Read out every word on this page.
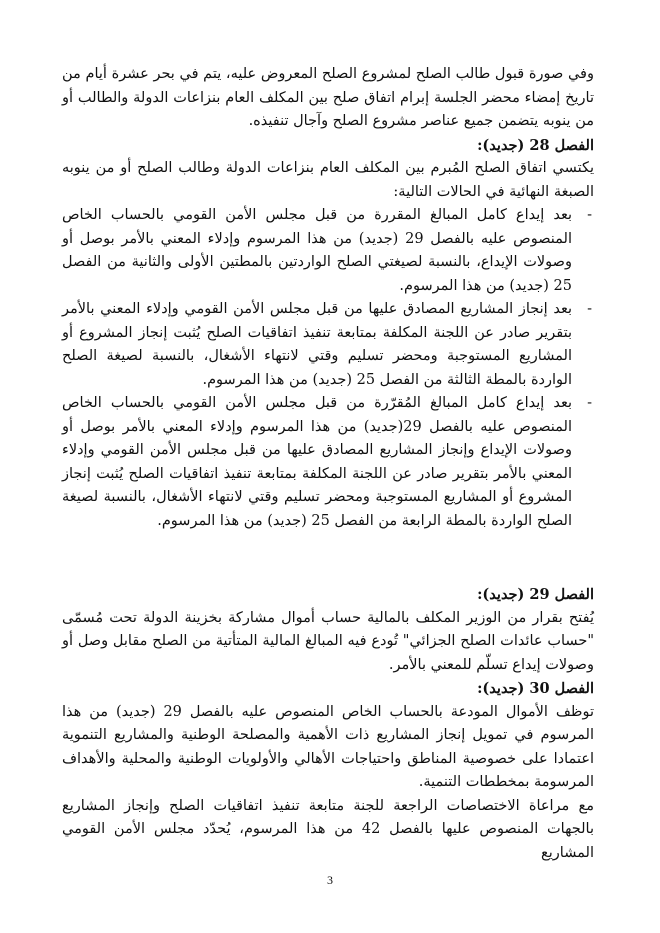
وفي صورة قبول طالب الصلح لمشروع الصلح المعروض عليه، يتم في بحر عشرة أيام من تاريخ إمضاء محضر الجلسة إبرام اتفاق صلح بين المكلف العام بنزاعات الدولة والطالب أو من ينوبه يتضمن جميع عناصر مشروع الصلح وآجال تنفيذه.

الفصل 28 (جديد):

يكتسي اتفاق الصلح المُبرم بين المكلف العام بنزاعات الدولة وطالب الصلح أو من ينوبه الصبغة النهائية في الحالات التالية:

-
بعد إيداع كامل المبالغ المقررة من قبل مجلس الأمن القومي بالحساب الخاص المنصوص عليه بالفصل 29 (جديد) من هذا المرسوم وإدلاء المعني بالأمر بوصل أو وصولات الإيداع، بالنسبة لصيغتي الصلح الواردتين بالمطتين الأولى والثانية من الفصل 25 (جديد) من هذا المرسوم.
-
بعد إنجاز المشاريع المصادق عليها من قبل مجلس الأمن القومي وإدلاء المعني بالأمر بتقرير صادر عن اللجنة المكلفة بمتابعة تنفيذ اتفاقيات الصلح يُثبت إنجاز المشروع أو المشاريع المستوجبة ومحضر تسليم وقتي لانتهاء الأشغال، بالنسبة لصيغة الصلح الواردة بالمطة الثالثة من الفصل 25 (جديد) من هذا المرسوم.
-
بعد إيداع كامل المبالغ المُقرّرة من قبل مجلس الأمن القومي بالحساب الخاص المنصوص عليه بالفصل 29(جديد) من هذا المرسوم وإدلاء المعني بالأمر بوصل أو وصولات الإيداع وإنجاز المشاريع المصادق عليها من قبل مجلس الأمن القومي وإدلاء المعني بالأمر بتقرير صادر عن اللجنة المكلفة بمتابعة تنفيذ اتفاقيات الصلح يُثبت إنجاز المشروع أو المشاريع المستوجبة ومحضر تسليم وقتي لانتهاء الأشغال، بالنسبة لصيغة الصلح الواردة بالمطة الرابعة من الفصل 25 (جديد) من هذا المرسوم.

الفصل 29 (جديد):

يُفتح بقرار من الوزير المكلف بالمالية حساب أموال مشاركة بخزينة الدولة تحت مُسمّى "حساب عائدات الصلح الجزائي" تُودع فيه المبالغ المالية المتأتية من الصلح مقابل وصل أو وصولات إيداع تسلّم للمعني بالأمر.

الفصل 30 (جديد):

توظف الأموال المودعة بالحساب الخاص المنصوص عليه بالفصل 29 (جديد) من هذا المرسوم في تمويل إنجاز المشاريع ذات الأهمية والمصلحة الوطنية والمشاريع التنموية اعتمادا على خصوصية المناطق واحتياجات الأهالي والأولويات الوطنية والمحلية والأهداف المرسومة بمخططات التنمية.

مع مراعاة الاختصاصات الراجعة للجنة متابعة تنفيذ اتفاقيات الصلح وإنجاز المشاريع بالجهات المنصوص عليها بالفصل 42 من هذا المرسوم، يُحدّد مجلس الأمن القومي المشاريع

3
